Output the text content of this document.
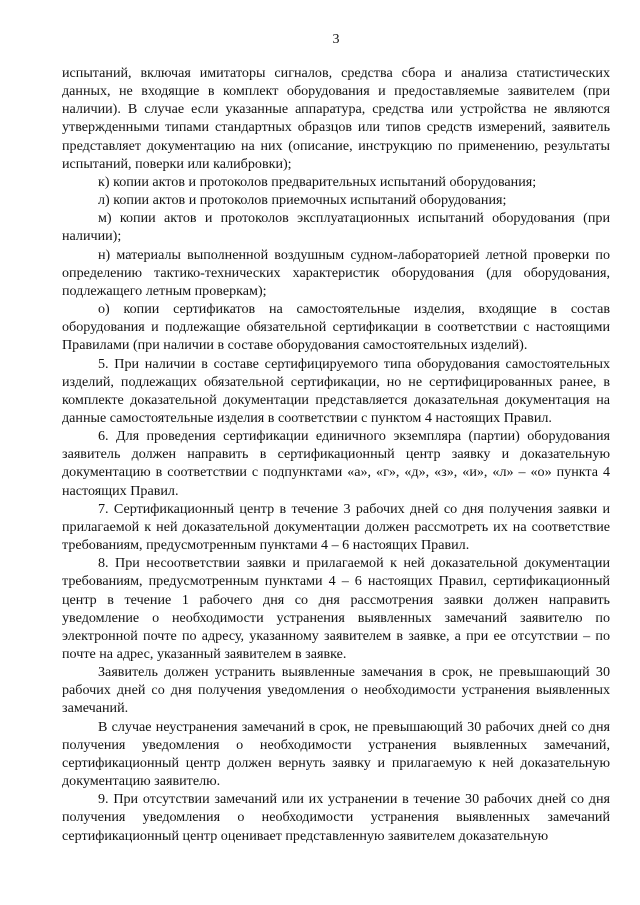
3

испытаний, включая имитаторы сигналов, средства сбора и анализа статистических данных, не входящие в комплект оборудования и предоставляемые заявителем (при наличии). В случае если указанные аппаратура, средства или устройства не являются утвержденными типами стандартных образцов или типов средств измерений, заявитель представляет документацию на них (описание, инструкцию по применению, результаты испытаний, поверки или калибровки);

к) копии актов и протоколов предварительных испытаний оборудования;

л) копии актов и протоколов приемочных испытаний оборудования;

м) копии актов и протоколов эксплуатационных испытаний оборудования (при наличии);

н) материалы выполненной воздушным судном-лабораторией летной проверки по определению тактико-технических характеристик оборудования (для оборудования, подлежащего летным проверкам);

о) копии сертификатов на самостоятельные изделия, входящие в состав оборудования и подлежащие обязательной сертификации в соответствии с настоящими Правилами (при наличии в составе оборудования самостоятельных изделий).

5. При наличии в составе сертифицируемого типа оборудования самостоятельных изделий, подлежащих обязательной сертификации, но не сертифицированных ранее, в комплекте доказательной документации представляется доказательная документация на данные самостоятельные изделия в соответствии с пунктом 4 настоящих Правил.

6. Для проведения сертификации единичного экземпляра (партии) оборудования заявитель должен направить в сертификационный центр заявку и доказательную документацию в соответствии с подпунктами «а», «г», «д», «з», «и», «л» – «о» пункта 4 настоящих Правил.

7. Сертификационный центр в течение 3 рабочих дней со дня получения заявки и прилагаемой к ней доказательной документации должен рассмотреть их на соответствие требованиям, предусмотренным пунктами 4 – 6 настоящих Правил.

8. При несоответствии заявки и прилагаемой к ней доказательной документации требованиям, предусмотренным пунктами 4 – 6 настоящих Правил, сертификационный центр в течение 1 рабочего дня со дня рассмотрения заявки должен направить уведомление о необходимости устранения выявленных замечаний заявителю по электронной почте по адресу, указанному заявителем в заявке, а при ее отсутствии – по почте на адрес, указанный заявителем в заявке.

Заявитель должен устранить выявленные замечания в срок, не превышающий 30 рабочих дней со дня получения уведомления о необходимости устранения выявленных замечаний.

В случае неустранения замечаний в срок, не превышающий 30 рабочих дней со дня получения уведомления о необходимости устранения выявленных замечаний, сертификационный центр должен вернуть заявку и прилагаемую к ней доказательную документацию заявителю.

9. При отсутствии замечаний или их устранении в течение 30 рабочих дней со дня получения уведомления о необходимости устранения выявленных замечаний сертификационный центр оценивает представленную заявителем доказательную
